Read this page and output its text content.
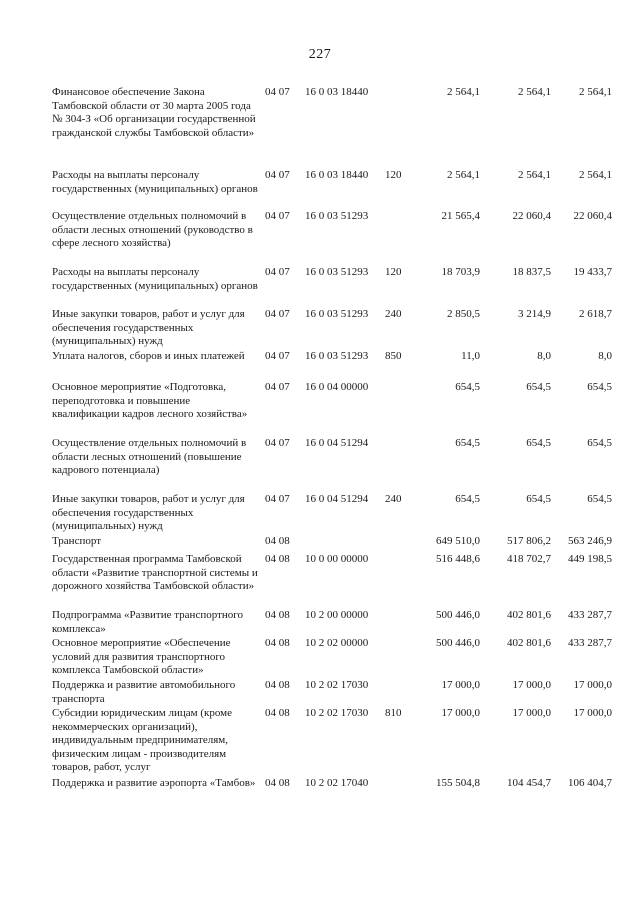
227
Финансовое обеспечение Закона Тамбовской области от 30 марта 2005 года № 304-З «Об организации государственной гражданской службы Тамбовской области»	04 07	16 0 03 18440		2 564,1	2 564,1	2 564,1
Расходы на выплаты персоналу государственных (муниципальных) органов	04 07	16 0 03 18440	120	2 564,1	2 564,1	2 564,1
Осуществление отдельных полномочий в области лесных отношений (руководство в сфере лесного хозяйства)	04 07	16 0 03 51293		21 565,4	22 060,4	22 060,4
Расходы на выплаты персоналу государственных (муниципальных) органов	04 07	16 0 03 51293	120	18 703,9	18 837,5	19 433,7
Иные закупки товаров, работ и услуг для обеспечения государственных (муниципальных) нужд	04 07	16 0 03 51293	240	2 850,5	3 214,9	2 618,7
Уплата налогов, сборов и иных платежей	04 07	16 0 03 51293	850	11,0	8,0	8,0
Основное мероприятие «Подготовка, переподготовка и повышение квалификации кадров лесного хозяйства»	04 07	16 0 04 00000		654,5	654,5	654,5
Осуществление отдельных полномочий в области лесных отношений (повышение кадрового потенциала)	04 07	16 0 04 51294		654,5	654,5	654,5
Иные закупки товаров, работ и услуг для обеспечения государственных (муниципальных) нужд	04 07	16 0 04 51294	240	654,5	654,5	654,5
Транспорт	04 08			649 510,0	517 806,2	563 246,9
Государственная программа Тамбовской области «Развитие транспортной системы и дорожного хозяйства Тамбовской области»	04 08	10 0 00 00000		516 448,6	418 702,7	449 198,5
Подпрограмма «Развитие транспортного комплекса»	04 08	10 2 00 00000		500 446,0	402 801,6	433 287,7
Основное мероприятие «Обеспечение условий для развития транспортного комплекса Тамбовской области»	04 08	10 2 02 00000		500 446,0	402 801,6	433 287,7
Поддержка и развитие автомобильного транспорта	04 08	10 2 02 17030		17 000,0	17 000,0	17 000,0
Субсидии юридическим лицам (кроме некоммерческих организаций), индивидуальным предпринимателям, физическим лицам - производителям товаров, работ, услуг	04 08	10 2 02 17030	810	17 000,0	17 000,0	17 000,0
Поддержка и развитие аэропорта «Тамбов»	04 08	10 2 02 17040		155 504,8	104 454,7	106 404,7
